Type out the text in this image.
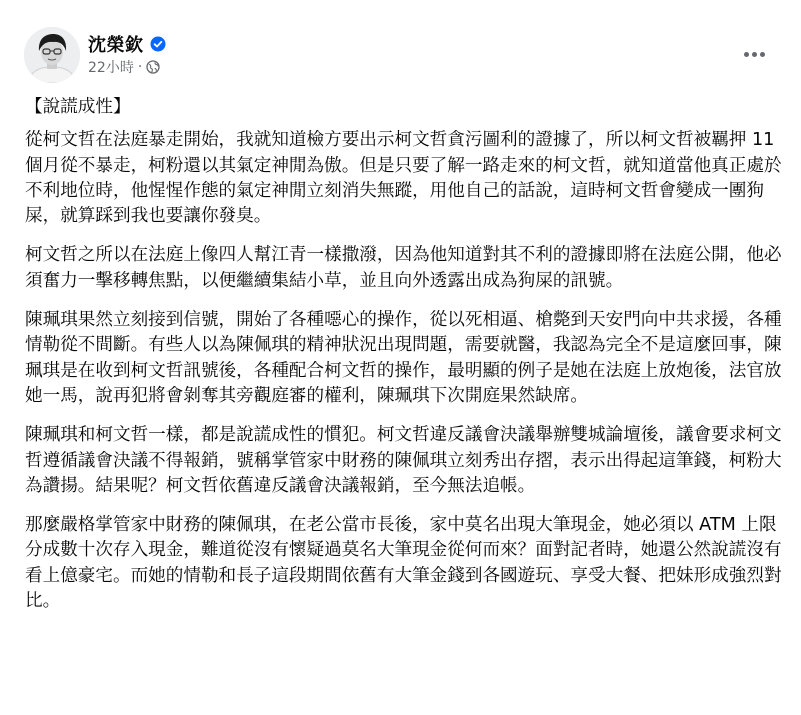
沈榮欽
22小時 ·

【說謊成性】

從柯文哲在法庭暴走開始，我就知道檢方要出示柯文哲貪污圖利的證據了，所以柯文哲被羈押 11 個月從不暴走，柯粉還以其氣定神閒為傲。但是只要了解一路走來的柯文哲，就知道當他真正處於不利地位時，他惺惺作態的氣定神閒立刻消失無蹤，用他自己的話說，這時柯文哲會變成一團狗屎，就算踩到我也要讓你發臭。

柯文哲之所以在法庭上像四人幫江青一樣撒潑，因為他知道對其不利的證據即將在法庭公開，他必須奮力一擊移轉焦點，以便繼續集結小草，並且向外透露出成為狗屎的訊號。

陳珮琪果然立刻接到信號，開始了各種噁心的操作，從以死相逼、槍斃到天安門向中共求援，各種情勒從不間斷。有些人以為陳佩琪的精神狀況出現問題，需要就醫，我認為完全不是這麼回事，陳珮琪是在收到柯文哲訊號後，各種配合柯文哲的操作，最明顯的例子是她在法庭上放炮後，法官放她一馬，說再犯將會剝奪其旁觀庭審的權利，陳珮琪下次開庭果然缺席。

陳珮琪和柯文哲一樣，都是說謊成性的慣犯。柯文哲違反議會決議舉辦雙城論壇後，議會要求柯文哲遵循議會決議不得報銷，號稱掌管家中財務的陳佩琪立刻秀出存摺，表示出得起這筆錢，柯粉大為讚揚。結果呢？柯文哲依舊違反議會決議報銷，至今無法追帳。

那麼嚴格掌管家中財務的陳佩琪，在老公當市長後，家中莫名出現大筆現金，她必須以 ATM 上限分成數十次存入現金，難道從沒有懷疑過莫名大筆現金從何而來？面對記者時，她還公然說謊沒有看上億豪宅。而她的情勒和長子這段期間依舊有大筆金錢到各國遊玩、享受大餐、把妹形成強烈對比。
